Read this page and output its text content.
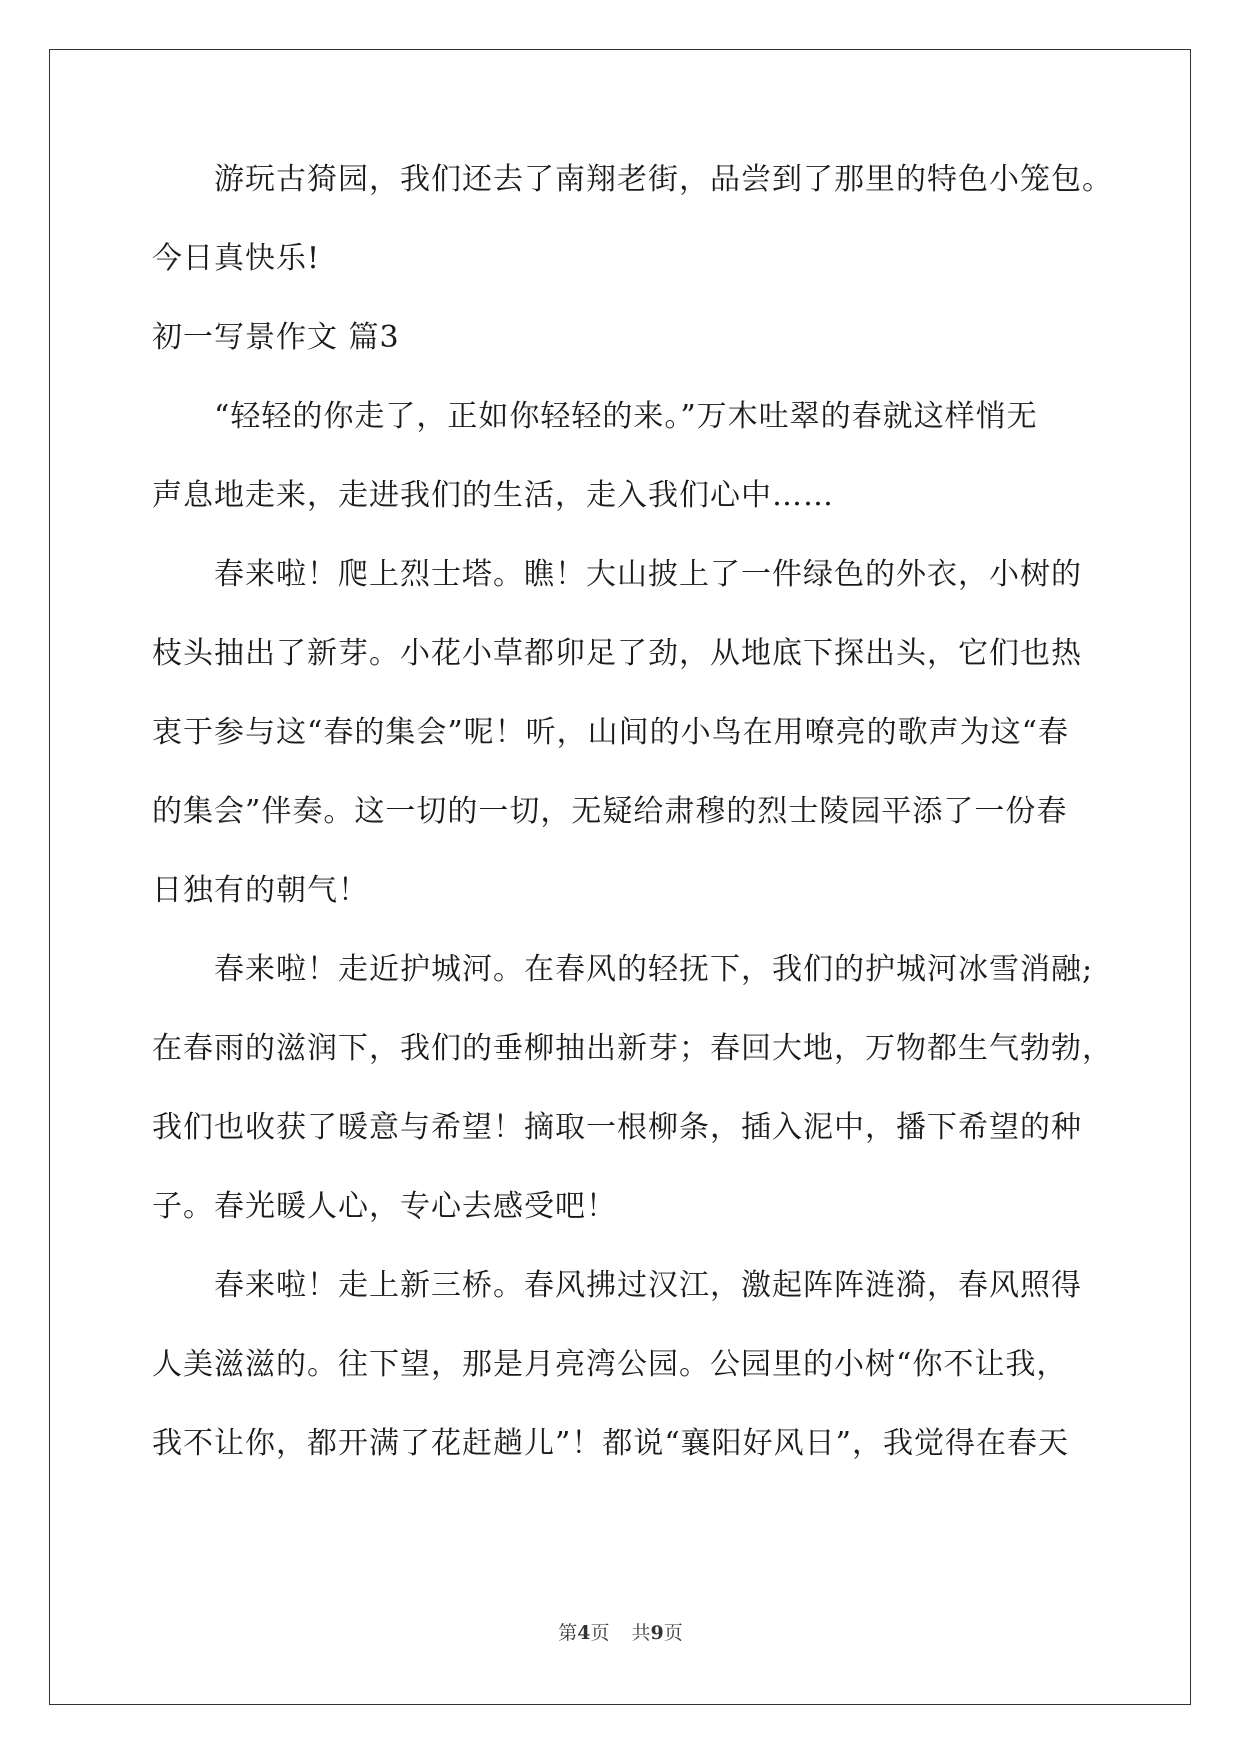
游玩古猗园，我们还去了南翔老街，品尝到了那里的特色小笼包。
今日真快乐!
初一写景作文 篇3
“轻轻的你走了，正如你轻轻的来。”万木吐翠的春就这样悄无
声息地走来，走进我们的生活，走入我们心中……
春来啦！爬上烈士塔。瞧！大山披上了一件绿色的外衣，小树的
枝头抽出了新芽。小花小草都卯足了劲，从地底下探出头，它们也热
衷于参与这“春的集会”呢！听，山间的小鸟在用嘹亮的歌声为这“春
的集会”伴奏。这一切的一切，无疑给肃穆的烈士陵园平添了一份春
日独有的朝气！
春来啦！走近护城河。在春风的轻抚下，我们的护城河冰雪消融;
在春雨的滋润下，我们的垂柳抽出新芽；春回大地，万物都生气勃勃，
我们也收获了暖意与希望！摘取一根柳条，插入泥中，播下希望的种
子。春光暖人心，专心去感受吧！
春来啦！走上新三桥。春风拂过汉江，激起阵阵涟漪，春风照得
人美滋滋的。往下望，那是月亮湾公园。公园里的小树“你不让我，
我不让你，都开满了花赶趟儿”！都说“襄阳好风日”，我觉得在春天
第4页 共9页
